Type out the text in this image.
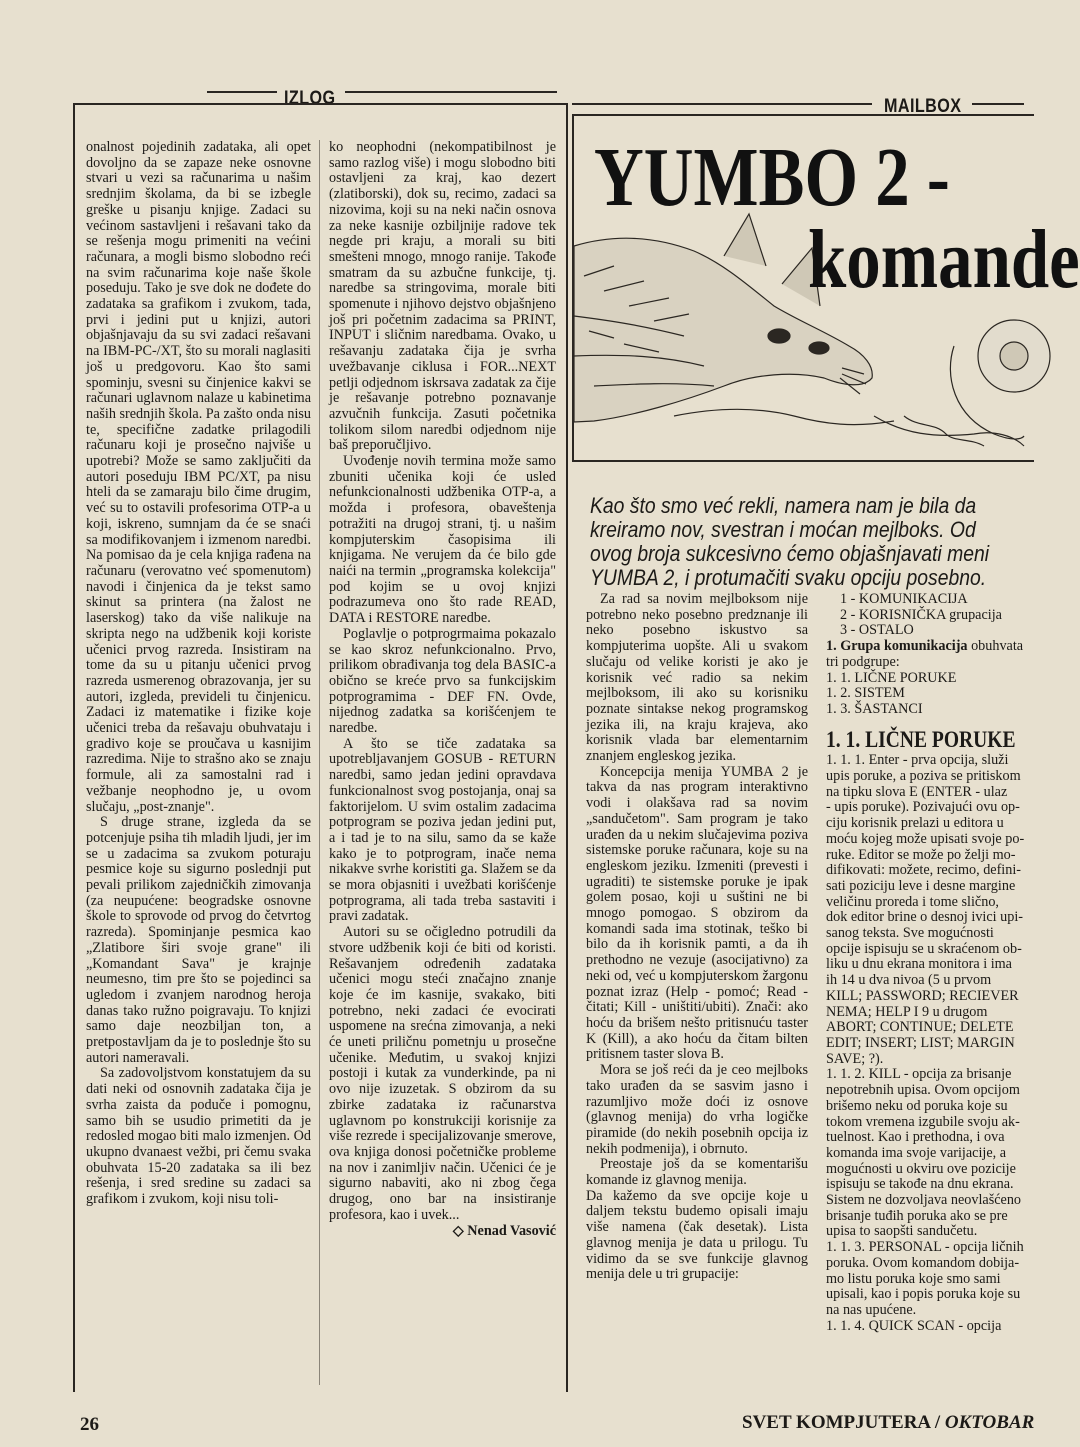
IZLOG

onalnost pojedinih zadataka, ali opet dovoljno da se zapaze neke osnovne stvari u vezi sa računarima u našim srednjim školama, da bi se izbegle greške u pisanju knjige. Zadaci su većinom sastavljeni i rešavani tako da se rešenja mogu primeniti na većini računara, a mogli bismo slobodno reći na svim računarima koje naše škole poseduju. Tako je sve dok ne dođete do zadataka sa grafikom i zvukom, tada, prvi i jedini put u knjizi, autori objašnjavaju da su svi zadaci rešavani na IBM-PC-/XT, što su morali naglasiti još u predgovoru. Kao što sami spominju, svesni su činjenice kakvi se računari uglavnom nalaze u kabinetima naših srednjih škola. Pa zašto onda nisu te, specifične zadatke prilagodili računaru koji je prosečno najviše u upotrebi? Može se samo zaključiti da autori poseduju IBM PC/XT, pa nisu hteli da se zamaraju bilo čime drugim, već su to ostavili profesorima OTP-a u koji, iskreno, sumnjam da će se snaći sa modifikovanjem i izmenom naredbi. Na pomisao da je cela knjiga rađena na računaru (verovatno već spomenutom) navodi i činjenica da je tekst samo skinut sa printera (na žalost ne laserskog) tako da više nalikuje na skripta nego na udžbenik koji koriste učenici prvog razreda. Insistiram na tome da su u pitanju učenici prvog razreda usmerenog obrazovanja, jer su autori, izgleda, prevideli tu činjenicu. Zadaci iz matematike i fizike koje učenici treba da rešavaju obuhvataju i gradivo koje se proučava u kasnijim razredima. Nije to strašno ako se znaju formule, ali za samostalni rad i vežbanje neophodno je, u ovom slučaju, „post-znanje".

S druge strane, izgleda da se potcenjuje psiha tih mladih ljudi, jer im se u zadacima sa zvukom poturaju pesmice koje su sigurno poslednji put pevali prilikom zajedničkih zimovanja (za neupućene: beogradske osnovne škole to sprovode od prvog do četvrtog razreda). Spominjanje pesmica kao „Zlatibore širi svoje grane" ili „Komandant Sava" je krajnje neumesno, tim pre što se pojedinci sa ugledom i zvanjem narodnog heroja danas tako ružno poigravaju. To knjizi samo daje neozbiljan ton, a pretpostavljam da je to poslednje što su autori nameravali.

Sa zadovoljstvom konstatujem da su dati neki od osnovnih zadataka čija je svrha zaista da poduče i pomognu, samo bih se usudio primetiti da je redosled mogao biti malo izmenjen. Od ukupno dvanaest vežbi, pri čemu svaka obuhvata 15-20 zadataka sa ili bez rešenja, i sred sredine su zadaci sa grafikom i zvukom, koji nisu toli-

ko neophodni (nekompatibilnost je samo razlog više) i mogu slobodno biti ostavljeni za kraj, kao dezert (zlatiborski), dok su, recimo, zadaci sa nizovima, koji su na neki način osnova za neke kasnije ozbiljnije radove tek negde pri kraju, a morali su biti smešteni mnogo, mnogo ranije. Takođe smatram da su azbučne funkcije, tj. naredbe sa stringovima, morale biti spomenute i njihovo dejstvo objašnjeno još pri početnim zadacima sa PRINT, INPUT i sličnim naredbama. Ovako, u rešavanju zadataka čija je svrha uvežbavanje ciklusa i FOR...NEXT petlji odjednom iskrsava zadatak za čije je rešavanje potrebno poznavanje azvučnih funkcija. Zasuti početnika tolikom silom naredbi odjednom nije baš preporučljivo.

Uvođenje novih termina može samo zbuniti učenika koji će usled nefunkcionalnosti udžbenika OTP-a, a možda i profesora, obaveštenja potražiti na drugoj strani, tj. u našim kompjuterskim časopisima ili knjigama. Ne verujem da će bilo gde naići na termin „programska kolekcija" pod kojim se u ovoj knjizi podrazumeva ono što rade READ, DATA i RESTORE naredbe.

Poglavlje o potprogrmaima pokazalo se kao skroz nefunkcionalno. Prvo, prilikom obrađivanja tog dela BASIC-a obično se kreće prvo sa funkcijskim potprogramima - DEF FN. Ovde, nijednog zadatka sa korišćenjem te naredbe.

A što se tiče zadataka sa upotrebljavanjem GOSUB - RETURN naredbi, samo jedan jedini opravdava funkcionalnost svog postojanja, onaj sa faktorijelom. U svim ostalim zadacima potprogram se poziva jedan jedini put, a i tad je to na silu, samo da se kaže kako je to potprogram, inače nema nikakve svrhe koristiti ga. Slažem se da se mora objasniti i uvežbati korišćenje potprograma, ali tada treba sastaviti i pravi zadatak.

Autori su se očigledno potrudili da stvore udžbenik koji će biti od koristi. Rešavanjem određenih zadataka učenici mogu steći značajno znanje koje će im kasnije, svakako, biti potrebno, neki zadaci će evocirati uspomene na srećna zimovanja, a neki će uneti priličnu pometnju u prosečne učenike. Međutim, u svakoj knjizi postoji i kutak za vunderkinde, pa ni ovo nije izuzetak. S obzirom da su zbirke zadataka iz računarstva uglavnom po konstrukciji korisnije za više rezrede i specijalizovanje smerove, ova knjiga donosi početničke probleme na nov i zanimljiv način. Učenici će je sigurno nabaviti, ako ni zbog čega drugog, ono bar na insistiranje profesora, kao i uvek...

◇ Nenad Vasović
MAILBOX
YUMBO 2 -
komande
Kao što smo već rekli, namera nam je bila da
kreiramo nov, svestran i moćan mejlboks. Od
ovog broja sukcesivno ćemo objašnjavati meni
YUMBA 2, i protumačiti svaku opciju posebno.

Za rad sa novim mejlboksom nije potrebno neko posebno predznanje ili neko posebno iskustvo sa kompjuterima uopšte. Ali u svakom slučaju od velike koristi je ako je korisnik već radio sa nekim mejlboksom, ili ako su korisniku poznate sintakse nekog programskog jezika ili, na kraju krajeva, ako korisnik vlada bar elementarnim znanjem engleskog jezika.

Koncepcija menija YUMBA 2 je takva da nas program interaktivno vodi i olakšava rad sa novim „sandučetom". Sam program je tako urađen da u nekim slučajevima poziva sistemske poruke računara, koje su na engleskom jeziku. Izmeniti (prevesti i ugraditi) te sistemske poruke je ipak golem posao, koji u suštini ne bi mnogo pomogao. S obzirom da komandi sada ima stotinak, teško bi bilo da ih korisnik pamti, a da ih prethodno ne vezuje (asocijativno) za neki od, već u kompjuterskom žargonu poznat izraz (Help - pomoć; Read - čitati; Kill - uništiti/ubiti). Znači: ako hoću da brišem nešto pritisnuću taster K (Kill), a ako hoću da čitam bilten pritisnem taster slova B.

Mora se još reći da je ceo mejlboks tako urađen da se sasvim jasno i razumljivo može doći iz osnove (glavnog menija) do vrha logičke piramide (do nekih posebnih opcija iz nekih podmenija), i obrnuto.

Preostaje još da se komentarišu komande iz glavnog menija.

Da kažemo da sve opcije koje u daljem tekstu budemo opisali imaju više namena (čak desetak). Lista glavnog menija je data u prilogu. Tu vidimo da se sve funkcije glavnog menija dele u tri grupacije:

1 - KOMUNIKACIJA

2 - KORISNIČKA grupacija

3 - OSTALO

1. Grupa komunikacija obuhvata

tri podgrupe:

1. 1. LIČNE PORUKE

1. 2. SISTEM

1. 3. ŠASTANCI

1. 1. LIČNE PORUKE

1. 1. 1. Enter - prva opcija, služi

upis poruke, a poziva se pritiskom

na tipku slova E (ENTER - ulaz

- upis poruke). Pozivajući ovu op-

ciju korisnik prelazi u editora u

moću kojeg može upisati svoje po-

ruke. Editor se može po želji mo-

difikovati: možete, recimo, defini-

sati poziciju leve i desne margine

veličinu proreda i tome slično,

dok editor brine o desnoj ivici upi-

sanog teksta. Sve mogućnosti

opcije ispisuju se u skraćenom ob-

liku u dnu ekrana monitora i ima

ih 14 u dva nivoa (5 u prvom

KILL; PASSWORD; RECIEVER

NEMA; HELP I 9 u drugom

ABORT; CONTINUE; DELETE

EDIT; INSERT; LIST; MARGIN

SAVE; ?).

1. 1. 2. KILL - opcija za brisanje

nepotrebnih upisa. Ovom opcijom

brišemo neku od poruka koje su

tokom vremena izgubile svoju ak-

tuelnost. Kao i prethodna, i ova

komanda ima svoje varijacije, a

mogućnosti u okviru ove pozicije

ispisuju se takođe na dnu ekrana.

Sistem ne dozvoljava neovlašćeno

brisanje tuđih poruka ako se pre

upisa to saopšti sandučetu.

1. 1. 3. PERSONAL - opcija ličnih

poruka. Ovom komandom dobija-

mo listu poruka koje smo sami

upisali, kao i popis poruka koje su

na nas upućene.

1. 1. 4. QUICK SCAN - opcija

26	SVET KOMPJUTERA / OKTOBAR
